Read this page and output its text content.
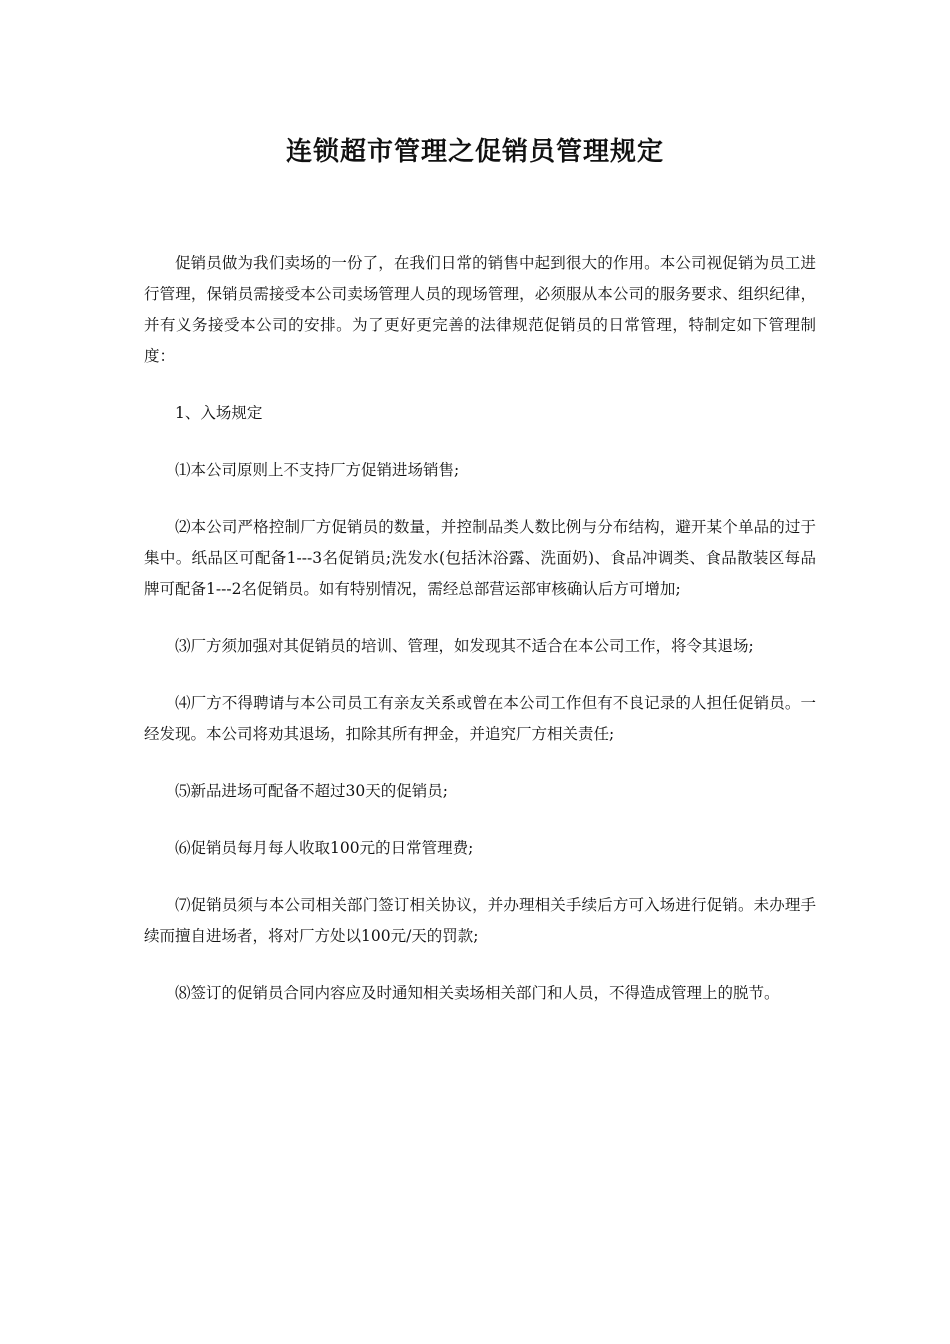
连锁超市管理之促销员管理规定

促销员做为我们卖场的一份了，在我们日常的销售中起到很大的作用。本公司视促销为员工进行管理，保销员需接受本公司卖场管理人员的现场管理，必须服从本公司的服务要求、组织纪律，并有义务接受本公司的安排。为了更好更完善的法律规范促销员的日常管理，特制定如下管理制度：

1、入场规定

⑴本公司原则上不支持厂方促销进场销售;

⑵本公司严格控制厂方促销员的数量，并控制品类人数比例与分布结构，避开某个单品的过于集中。纸品区可配备1---3名促销员;洗发水(包括沐浴露、洗面奶)、食品冲调类、食品散装区每品牌可配备1---2名促销员。如有特别情况，需经总部营运部审核确认后方可增加;

⑶厂方须加强对其促销员的培训、管理，如发现其不适合在本公司工作，将令其退场;

⑷厂方不得聘请与本公司员工有亲友关系或曾在本公司工作但有不良记录的人担任促销员。一经发现。本公司将劝其退场，扣除其所有押金，并追究厂方相关责任;

⑸新品进场可配备不超过30天的促销员;

⑹促销员每月每人收取100元的日常管理费;

⑺促销员须与本公司相关部门签订相关协议，并办理相关手续后方可入场进行促销。未办理手续而擅自进场者，将对厂方处以100元/天的罚款;

⑻签订的促销员合同内容应及时通知相关卖场相关部门和人员，不得造成管理上的脱节。
